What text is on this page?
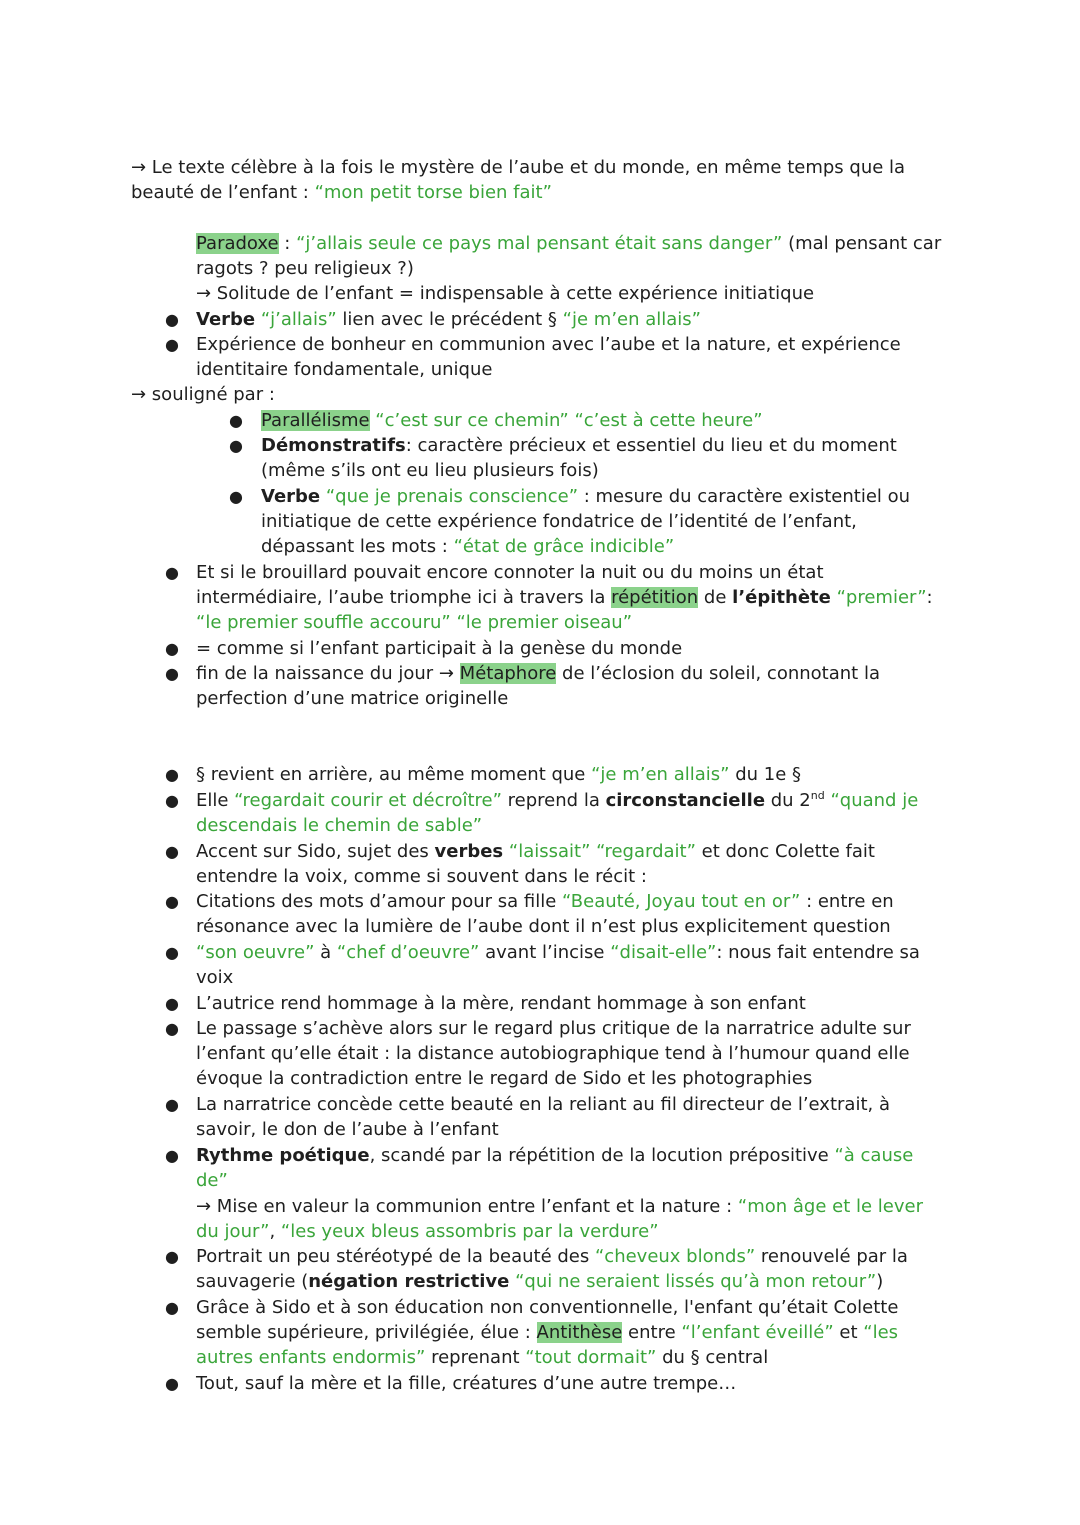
→ Le texte célèbre à la fois le mystère de l’aube et du monde, en même temps que la
beauté de l’enfant : “mon petit torse bien fait”
Paradoxe : “j’allais seule ce pays mal pensant était sans danger” (mal pensant car
ragots ? peu religieux ?)
→ Solitude de l’enfant = indispensable à cette expérience initiatique
● Verbe “j’allais” lien avec le précédent § “je m’en allais”
● Expérience de bonheur en communion avec l’aube et la nature, et expérience
identitaire fondamentale, unique
→ souligné par :
● Parallélisme “c’est sur ce chemin” “c’est à cette heure”
● Démonstratifs: caractère précieux et essentiel du lieu et du moment
(même s’ils ont eu lieu plusieurs fois)
● Verbe “que je prenais conscience” : mesure du caractère existentiel ou
initiatique de cette expérience fondatrice de l’identité de l’enfant,
dépassant les mots : “état de grâce indicible”
● Et si le brouillard pouvait encore connoter la nuit ou du moins un état
intermédiaire, l’aube triomphe ici à travers la répétition de l’épithète “premier”:
“le premier souffle accouru” “le premier oiseau”
● = comme si l’enfant participait à la genèse du monde
● fin de la naissance du jour → Métaphore de l’éclosion du soleil, connotant la
perfection d’une matrice originelle
● § revient en arrière, au même moment que “je m’en allais” du 1e §
● Elle “regardait courir et décroître” reprend la circonstancielle du 2nd “quand je
descendais le chemin de sable”
● Accent sur Sido, sujet des verbes “laissait” “regardait” et donc Colette fait
entendre la voix, comme si souvent dans le récit :
● Citations des mots d’amour pour sa fille “Beauté, Joyau tout en or” : entre en
résonance avec la lumière de l’aube dont il n’est plus explicitement question
● “son oeuvre” à “chef d’oeuvre” avant l’incise “disait-elle”: nous fait entendre sa
voix
● L’autrice rend hommage à la mère, rendant hommage à son enfant
● Le passage s’achève alors sur le regard plus critique de la narratrice adulte sur
l’enfant qu’elle était : la distance autobiographique tend à l’humour quand elle
évoque la contradiction entre le regard de Sido et les photographies
● La narratrice concède cette beauté en la reliant au fil directeur de l’extrait, à
savoir, le don de l’aube à l’enfant
● Rythme poétique, scandé par la répétition de la locution prépositive “à cause
de”
→ Mise en valeur la communion entre l’enfant et la nature : “mon âge et le lever
du jour”, “les yeux bleus assombris par la verdure”
● Portrait un peu stéréotypé de la beauté des “cheveux blonds” renouvelé par la
sauvagerie (négation restrictive “qui ne seraient lissés qu’à mon retour”)
● Grâce à Sido et à son éducation non conventionnelle, l'enfant qu’était Colette
semble supérieure, privilégiée, élue : Antithèse entre “l’enfant éveillé” et “les
autres enfants endormis” reprenant “tout dormait” du § central
● Tout, sauf la mère et la fille, créatures d’une autre trempe…
